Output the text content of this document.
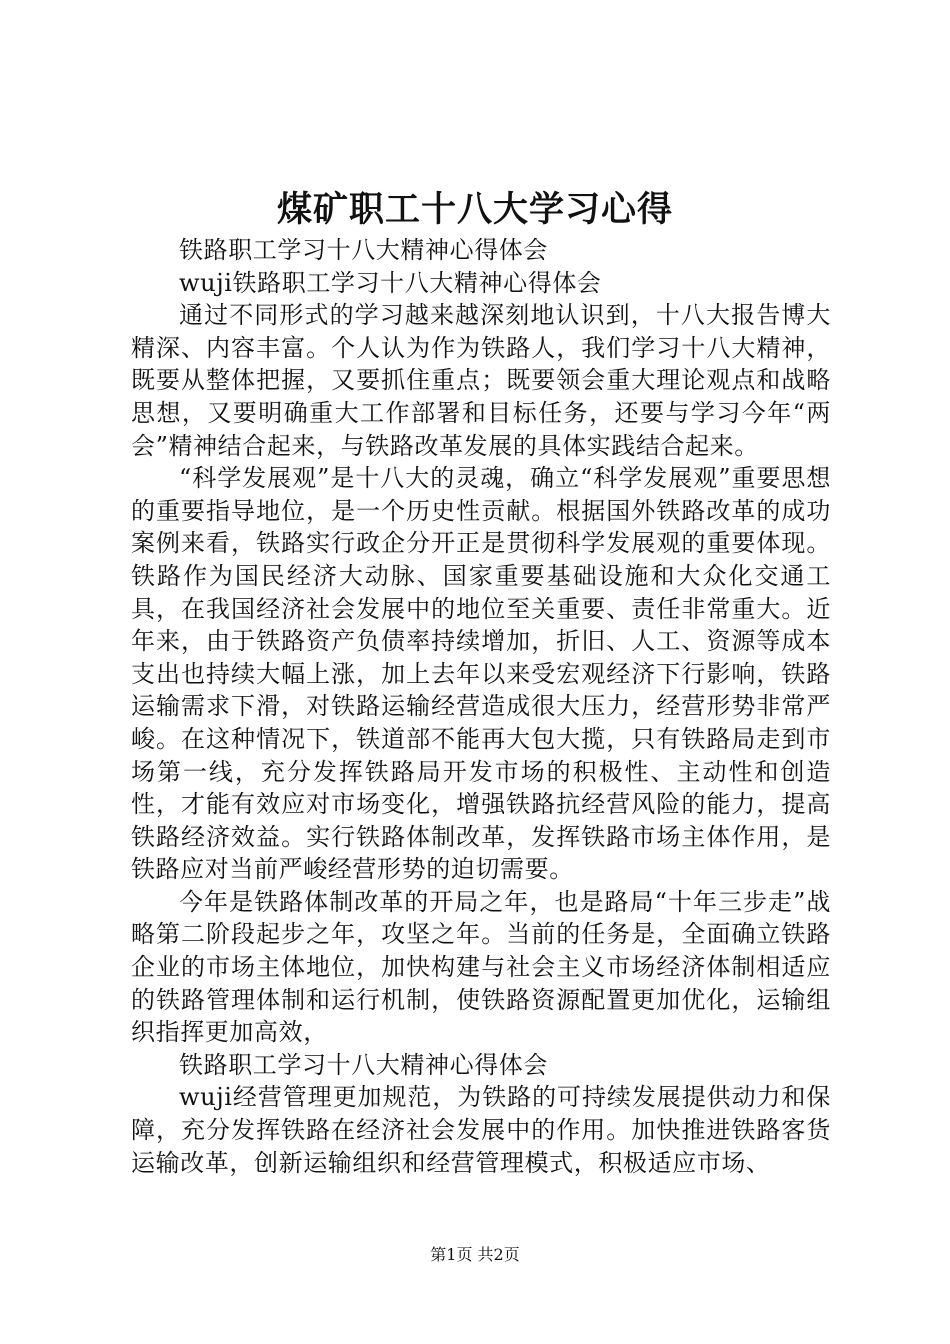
煤矿职工十八大学习心得

铁路职工学习十八大精神心得体会

wuji铁路职工学习十八大精神心得体会

通过不同形式的学习越来越深刻地认识到，十八大报告博大精深、内容丰富。个人认为作为铁路人，我们学习十八大精神，既要从整体把握，又要抓住重点；既要领会重大理论观点和战略思想，又要明确重大工作部署和目标任务，还要与学习今年“两会”精神结合起来，与铁路改革发展的具体实践结合起来。

“科学发展观”是十八大的灵魂，确立“科学发展观”重要思想的重要指导地位，是一个历史性贡献。根据国外铁路改革的成功案例来看，铁路实行政企分开正是贯彻科学发展观的重要体现。铁路作为国民经济大动脉、国家重要基础设施和大众化交通工具，在我国经济社会发展中的地位至关重要、责任非常重大。近年来，由于铁路资产负债率持续增加，折旧、人工、资源等成本支出也持续大幅上涨，加上去年以来受宏观经济下行影响，铁路运输需求下滑，对铁路运输经营造成很大压力，经营形势非常严峻。在这种情况下，铁道部不能再大包大揽，只有铁路局走到市场第一线，充分发挥铁路局开发市场的积极性、主动性和创造性，才能有效应对市场变化，增强铁路抗经营风险的能力，提高铁路经济效益。实行铁路体制改革，发挥铁路市场主体作用，是铁路应对当前严峻经营形势的迫切需要。

今年是铁路体制改革的开局之年，也是路局“十年三步走”战略第二阶段起步之年，攻坚之年。当前的任务是，全面确立铁路企业的市场主体地位，加快构建与社会主义市场经济体制相适应的铁路管理体制和运行机制，使铁路资源配置更加优化，运输组织指挥更加高效，

铁路职工学习十八大精神心得体会

wuji经营管理更加规范，为铁路的可持续发展提供动力和保障，充分发挥铁路在经济社会发展中的作用。加快推进铁路客货运输改革，创新运输组织和经营管理模式，积极适应市场、

第1页 共2页
